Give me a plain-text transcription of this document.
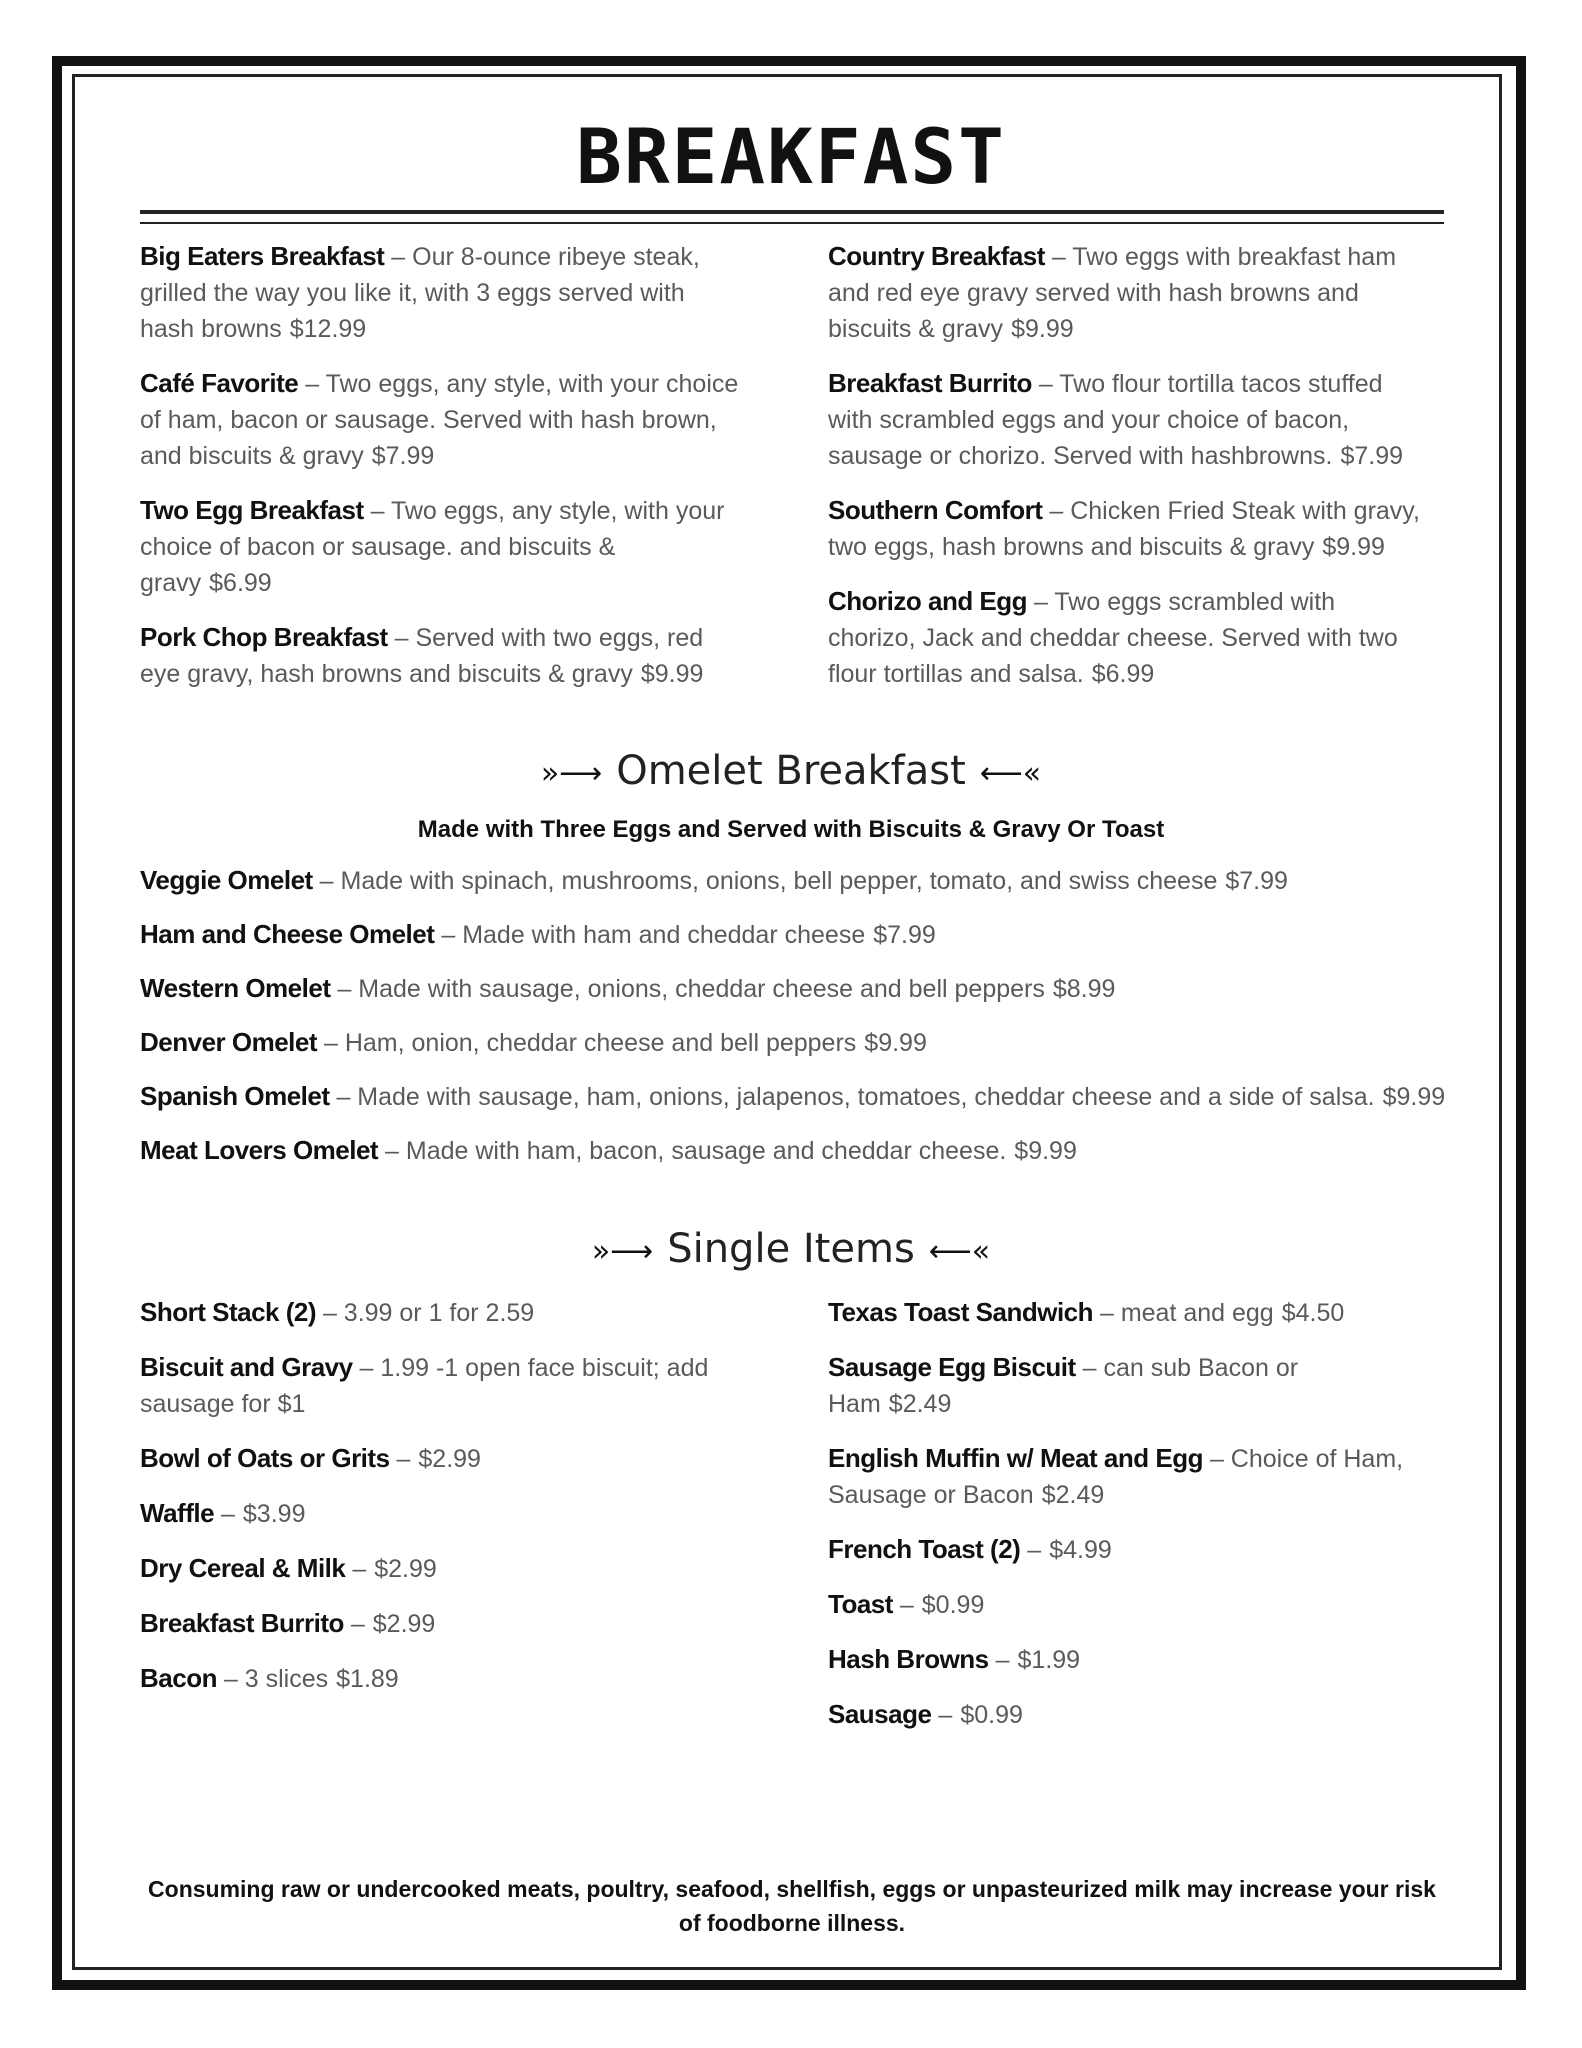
BREAKFAST
Big Eaters Breakfast – Our 8-ounce ribeye steak, grilled the way you like it, with 3 eggs served with hash browns $12.99
Café Favorite – Two eggs, any style, with your choice of ham, bacon or sausage. Served with hash brown, and biscuits & gravy $7.99
Two Egg Breakfast – Two eggs, any style, with your choice of bacon or sausage. and biscuits & gravy $6.99
Pork Chop Breakfast – Served with two eggs, red eye gravy, hash browns and biscuits & gravy $9.99
Country Breakfast – Two eggs with breakfast ham and red eye gravy served with hash browns and biscuits & gravy $9.99
Breakfast Burrito – Two flour tortilla tacos stuffed with scrambled eggs and your choice of bacon, sausage or chorizo. Served with hashbrowns. $7.99
Southern Comfort – Chicken Fried Steak with gravy, two eggs, hash browns and biscuits & gravy $9.99
Chorizo and Egg – Two eggs scrambled with chorizo, Jack and cheddar cheese. Served with two flour tortillas and salsa. $6.99
»⟶ Omelet Breakfast ⟵«
Made with Three Eggs and Served with Biscuits & Gravy Or Toast
Veggie Omelet – Made with spinach, mushrooms, onions, bell pepper, tomato, and swiss cheese $7.99
Ham and Cheese Omelet – Made with ham and cheddar cheese $7.99
Western Omelet – Made with sausage, onions, cheddar cheese and bell peppers $8.99
Denver Omelet – Ham, onion, cheddar cheese and bell peppers $9.99
Spanish Omelet – Made with sausage, ham, onions, jalapenos, tomatoes, cheddar cheese and a side of salsa. $9.99
Meat Lovers Omelet – Made with ham, bacon, sausage and cheddar cheese. $9.99
»⟶ Single Items ⟵«
Short Stack (2) – 3.99 or 1 for 2.59
Biscuit and Gravy – 1.99 -1 open face biscuit; add sausage for $1
Bowl of Oats or Grits – $2.99
Waffle – $3.99
Dry Cereal & Milk – $2.99
Breakfast Burrito – $2.99
Bacon – 3 slices $1.89
Texas Toast Sandwich – meat and egg $4.50
Sausage Egg Biscuit – can sub Bacon or Ham $2.49
English Muffin w/ Meat and Egg – Choice of Ham, Sausage or Bacon $2.49
French Toast (2) – $4.99
Toast – $0.99
Hash Browns – $1.99
Sausage – $0.99
Consuming raw or undercooked meats, poultry, seafood, shellfish, eggs or unpasteurized milk may increase your risk of foodborne illness.
